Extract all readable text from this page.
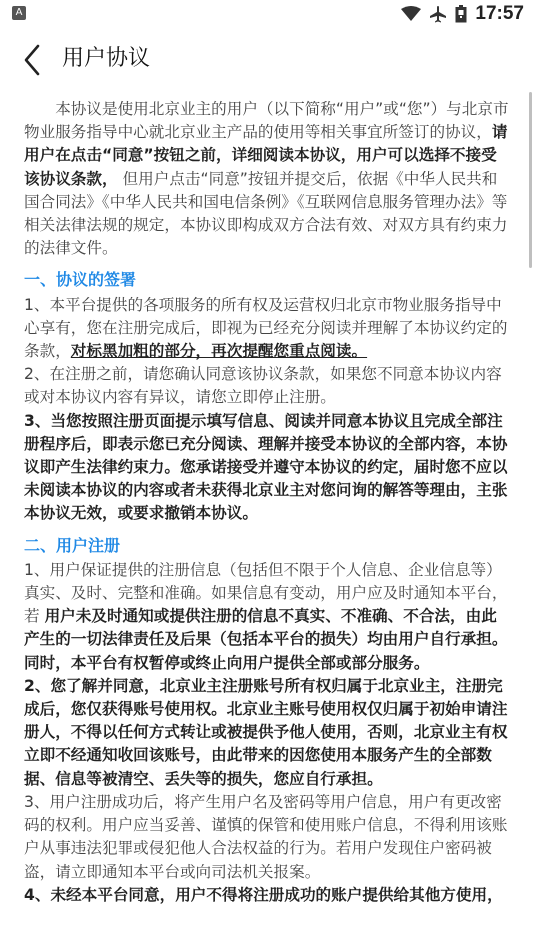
A	17:57
用户协议

本协议是使用北京业主的用户（以下简称“用户”或“您”）与北京市物业服务指导中心就北京业主产品的使用等相关事宜所签订的协议，请用户在点击“同意”按钮之前，详细阅读本协议，用户可以选择不接受该协议条款， 但用户点击“同意”按钮并提交后，依据《中华人民共和国合同法》《中华人民共和国电信条例》《互联网信息服务管理办法》等相关法律法规的规定，本协议即构成双方合法有效、对双方具有约束力的法律文件。

一、协议的签署

1、本平台提供的各项服务的所有权及运营权归北京市物业服务指导中心享有，您在注册完成后，即视为已经充分阅读并理解了本协议约定的条款，对标黑加粗的部分，再次提醒您重点阅读。

2、在注册之前，请您确认同意该协议条款，如果您不同意本协议内容或对本协议内容有异议，请您立即停止注册。

3、当您按照注册页面提示填写信息、阅读并同意本协议且完成全部注册程序后，即表示您已充分阅读、理解并接受本协议的全部内容，本协议即产生法律约束力。您承诺接受并遵守本协议的约定，届时您不应以未阅读本协议的内容或者未获得北京业主对您问询的解答等理由，主张本协议无效，或要求撤销本协议。

二、用户注册

1、用户保证提供的注册信息（包括但不限于个人信息、企业信息等）真实、及时、完整和准确。如果信息有变动，用户应及时通知本平台，若 用户未及时通知或提供注册的信息不真实、不准确、不合法，由此产生的一切法律责任及后果（包括本平台的损失）均由用户自行承担。同时，本平台有权暂停或终止向用户提供全部或部分服务。

2、您了解并同意，北京业主注册账号所有权归属于北京业主，注册完成后，您仅获得账号使用权。北京业主账号使用权仅归属于初始申请注册人，不得以任何方式转让或被提供予他人使用，否则，北京业主有权立即不经通知收回该账号，由此带来的因您使用本服务产生的全部数据、信息等被清空、丢失等的损失，您应自行承担。

3、用户注册成功后，将产生用户名及密码等用户信息，用户有更改密码的权利。用户应当妥善、谨慎的保管和使用账户信息，不得利用该账户从事违法犯罪或侵犯他人合法权益的行为。若用户发现住户密码被盗，请立即通知本平台或向司法机关报案。

4、未经本平台同意，用户不得将注册成功的账户提供给其他方使用，
